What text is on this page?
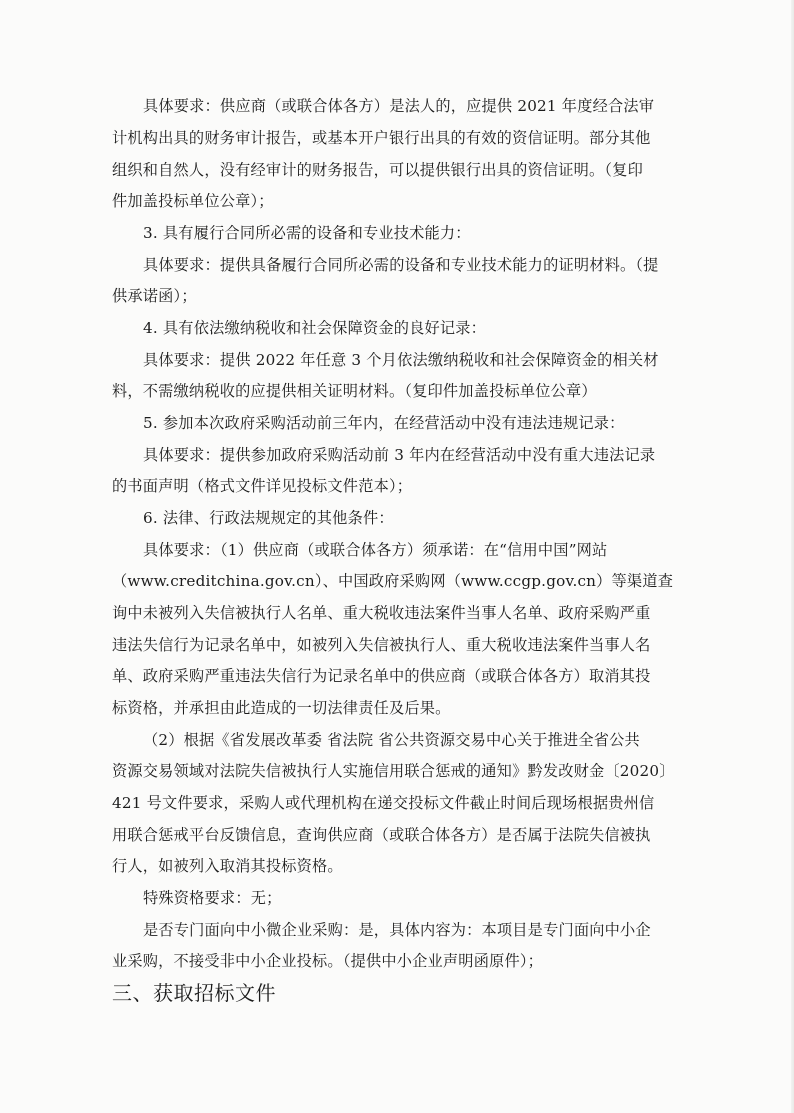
具体要求：供应商（或联合体各方）是法人的，应提供 2021 年度经合法审
计机构出具的财务审计报告，或基本开户银行出具的有效的资信证明。部分其他
组织和自然人，没有经审计的财务报告，可以提供银行出具的资信证明。（复印
件加盖投标单位公章）；
3. 具有履行合同所必需的设备和专业技术能力：
具体要求：提供具备履行合同所必需的设备和专业技术能力的证明材料。（提
供承诺函）；
4. 具有依法缴纳税收和社会保障资金的良好记录：
具体要求：提供 2022 年任意 3 个月依法缴纳税收和社会保障资金的相关材
料，不需缴纳税收的应提供相关证明材料。（复印件加盖投标单位公章）
5. 参加本次政府采购活动前三年内，在经营活动中没有违法违规记录：
具体要求：提供参加政府采购活动前 3 年内在经营活动中没有重大违法记录
的书面声明（格式文件详见投标文件范本）；
6. 法律、行政法规规定的其他条件：
具体要求：（1）供应商（或联合体各方）须承诺：在“信用中国”网站
（www.creditchina.gov.cn）、中国政府采购网（www.ccgp.gov.cn）等渠道查
询中未被列入失信被执行人名单、重大税收违法案件当事人名单、政府采购严重
违法失信行为记录名单中，如被列入失信被执行人、重大税收违法案件当事人名
单、政府采购严重违法失信行为记录名单中的供应商（或联合体各方）取消其投
标资格，并承担由此造成的一切法律责任及后果。
（2）根据《省发展改革委 省法院 省公共资源交易中心关于推进全省公共
资源交易领域对法院失信被执行人实施信用联合惩戒的通知》黔发改财金〔2020〕
421 号文件要求，采购人或代理机构在递交投标文件截止时间后现场根据贵州信
用联合惩戒平台反馈信息，查询供应商（或联合体各方）是否属于法院失信被执
行人，如被列入取消其投标资格。
特殊资格要求：无；
是否专门面向中小微企业采购：是，具体内容为：本项目是专门面向中小企
业采购，不接受非中小企业投标。（提供中小企业声明函原件）；
三、获取招标文件
